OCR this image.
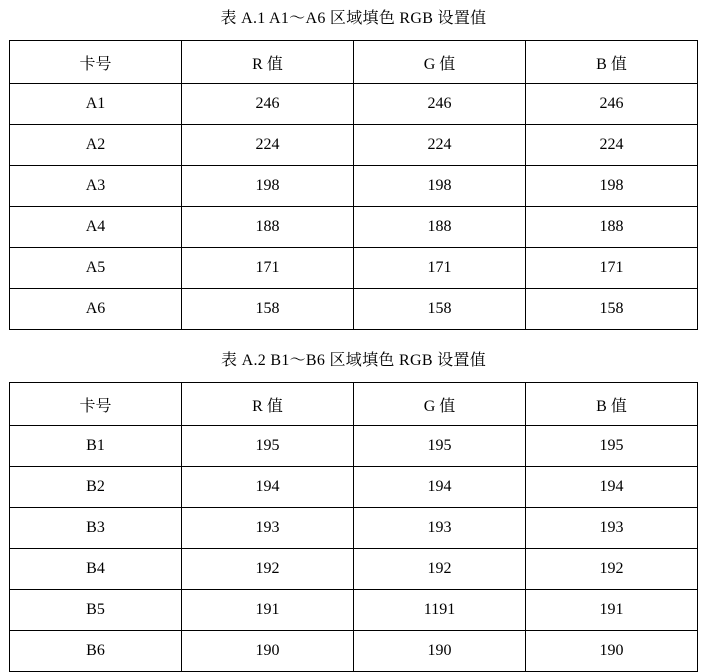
表 A.1 A1～A6 区域填色 RGB 设置值
卡号	R 值	G 值	B 值
A1	246	246	246
A2	224	224	224
A3	198	198	198
A4	188	188	188
A5	171	171	171
A6	158	158	158
表 A.2 B1～B6 区域填色 RGB 设置值
卡号	R 值	G 值	B 值
B1	195	195	195
B2	194	194	194
B3	193	193	193
B4	192	192	192
B5	191	1191	191
B6	190	190	190
